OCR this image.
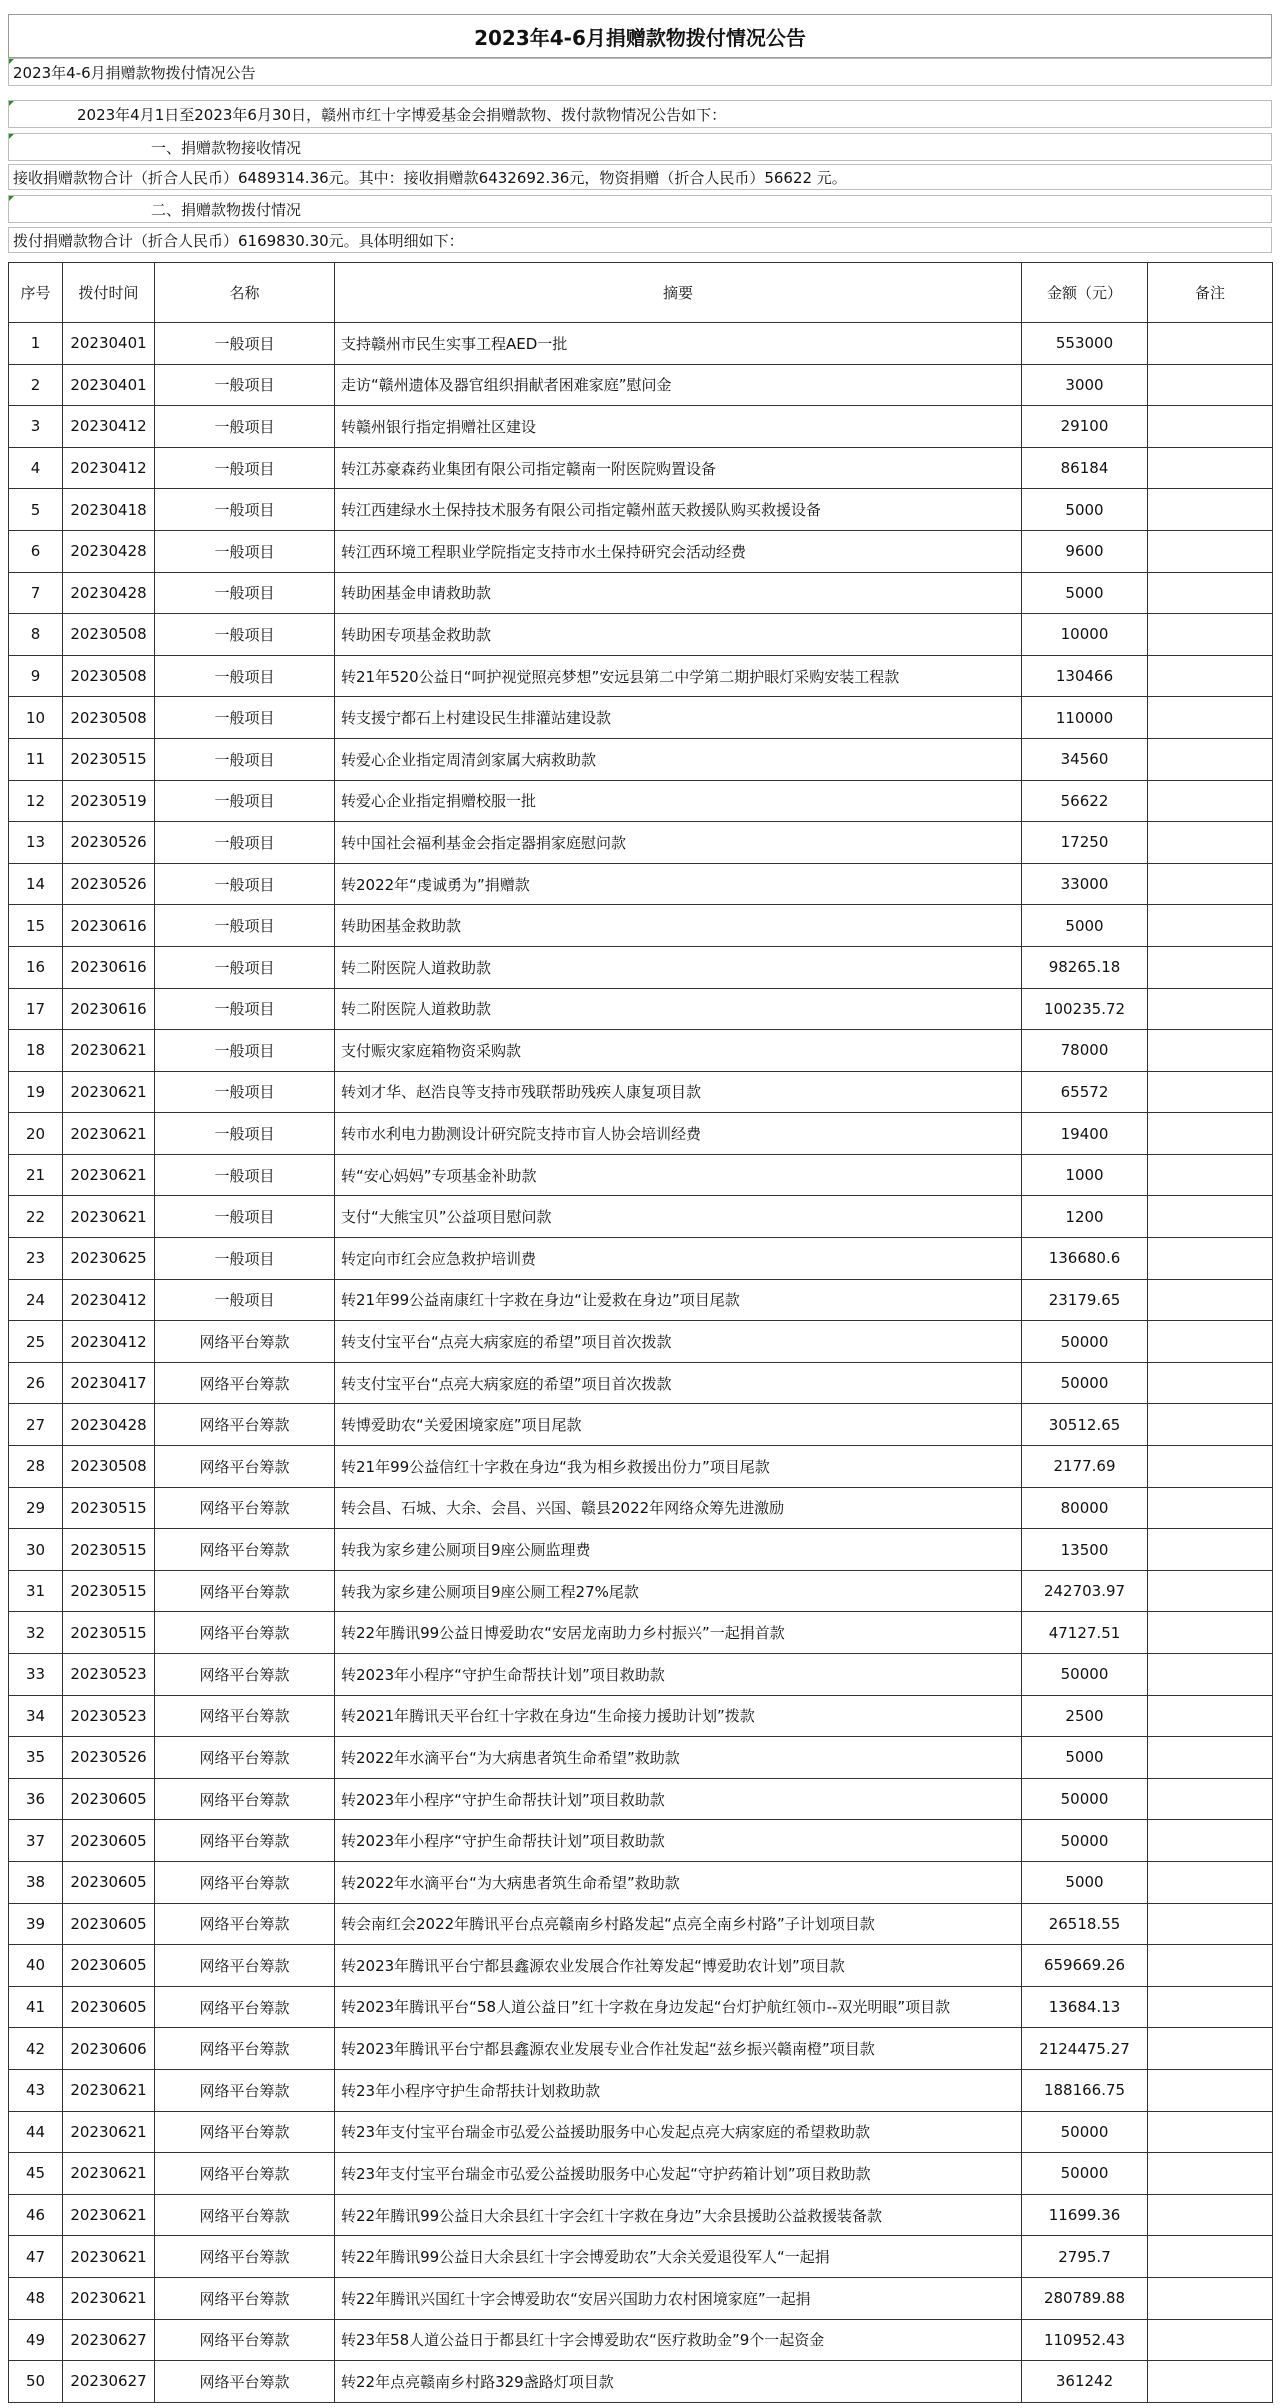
2023年4-6月捐赠款物拨付情况公告
2023年4-6月捐赠款物拨付情况公告
2023年4月1日至2023年6月30日，赣州市红十字博爱基金会捐赠款物、拨付款物情况公告如下：
一、捐赠款物接收情况
接收捐赠款物合计（折合人民币）6489314.36元。其中：接收捐赠款6432692.36元，物资捐赠（折合人民币）56622 元。
二、捐赠款物拨付情况
拨付捐赠款物合计（折合人民币）6169830.30元。具体明细如下：
序号	拨付时间	名称	摘要	金额（元）	备注
1	20230401	一般项目	支持赣州市民生实事工程AED一批	553000	
2	20230401	一般项目	走访“赣州遗体及器官组织捐献者困难家庭”慰问金	3000	
3	20230412	一般项目	转赣州银行指定捐赠社区建设	29100	
4	20230412	一般项目	转江苏豪森药业集团有限公司指定赣南一附医院购置设备	86184	
5	20230418	一般项目	转江西建绿水土保持技术服务有限公司指定赣州蓝天救援队购买救援设备	5000	
6	20230428	一般项目	转江西环境工程职业学院指定支持市水土保持研究会活动经费	9600	
7	20230428	一般项目	转助困基金申请救助款	5000	
8	20230508	一般项目	转助困专项基金救助款	10000	
9	20230508	一般项目	转21年520公益日“呵护视觉照亮梦想”安远县第二中学第二期护眼灯采购安装工程款	130466	
10	20230508	一般项目	转支援宁都石上村建设民生排灌站建设款	110000	
11	20230515	一般项目	转爱心企业指定周清剑家属大病救助款	34560	
12	20230519	一般项目	转爱心企业指定捐赠校服一批	56622	
13	20230526	一般项目	转中国社会福利基金会指定器捐家庭慰问款	17250	
14	20230526	一般项目	转2022年“虔诚勇为”捐赠款	33000	
15	20230616	一般项目	转助困基金救助款	5000	
16	20230616	一般项目	转二附医院人道救助款	98265.18	
17	20230616	一般项目	转二附医院人道救助款	100235.72	
18	20230621	一般项目	支付赈灾家庭箱物资采购款	78000	
19	20230621	一般项目	转刘才华、赵浩良等支持市残联帮助残疾人康复项目款	65572	
20	20230621	一般项目	转市水利电力勘测设计研究院支持市盲人协会培训经费	19400	
21	20230621	一般项目	转“安心妈妈”专项基金补助款	1000	
22	20230621	一般项目	支付“大熊宝贝”公益项目慰问款	1200	
23	20230625	一般项目	转定向市红会应急救护培训费	136680.6	
24	20230412	一般项目	转21年99公益南康红十字救在身边“让爱救在身边”项目尾款	23179.65	
25	20230412	网络平台筹款	转支付宝平台“点亮大病家庭的希望”项目首次拨款	50000	
26	20230417	网络平台筹款	转支付宝平台“点亮大病家庭的希望”项目首次拨款	50000	
27	20230428	网络平台筹款	转博爱助农“关爱困境家庭”项目尾款	30512.65	
28	20230508	网络平台筹款	转21年99公益信红十字救在身边“我为相乡救援出份力”项目尾款	2177.69	
29	20230515	网络平台筹款	转会昌、石城、大余、会昌、兴国、赣县2022年网络众筹先进激励	80000	
30	20230515	网络平台筹款	转我为家乡建公厕项目9座公厕监理费	13500	
31	20230515	网络平台筹款	转我为家乡建公厕项目9座公厕工程27%尾款	242703.97	
32	20230515	网络平台筹款	转22年腾讯99公益日博爱助农“安居龙南助力乡村振兴”一起捐首款	47127.51	
33	20230523	网络平台筹款	转2023年小程序“守护生命帮扶计划”项目救助款	50000	
34	20230523	网络平台筹款	转2021年腾讯天平台红十字救在身边“生命接力援助计划”拨款	2500	
35	20230526	网络平台筹款	转2022年水滴平台“为大病患者筑生命希望”救助款	5000	
36	20230605	网络平台筹款	转2023年小程序“守护生命帮扶计划”项目救助款	50000	
37	20230605	网络平台筹款	转2023年小程序“守护生命帮扶计划”项目救助款	50000	
38	20230605	网络平台筹款	转2022年水滴平台“为大病患者筑生命希望”救助款	5000	
39	20230605	网络平台筹款	转会南红会2022年腾讯平台点亮赣南乡村路发起“点亮全南乡村路”子计划项目款	26518.55	
40	20230605	网络平台筹款	转2023年腾讯平台宁都县鑫源农业发展合作社筹发起“博爱助农计划”项目款	659669.26	
41	20230605	网络平台筹款	转2023年腾讯平台“58人道公益日”红十字救在身边发起“台灯护航红领巾--双光明眼”项目款	13684.13	
42	20230606	网络平台筹款	转2023年腾讯平台宁都县鑫源农业发展专业合作社发起“兹乡振兴赣南橙”项目款	2124475.27	
43	20230621	网络平台筹款	转23年小程序守护生命帮扶计划救助款	188166.75	
44	20230621	网络平台筹款	转23年支付宝平台瑞金市弘爱公益援助服务中心发起点亮大病家庭的希望救助款	50000	
45	20230621	网络平台筹款	转23年支付宝平台瑞金市弘爱公益援助服务中心发起“守护药箱计划”项目救助款	50000	
46	20230621	网络平台筹款	转22年腾讯99公益日大余县红十字会红十字救在身边”大余县援助公益救援装备款	11699.36	
47	20230621	网络平台筹款	转22年腾讯99公益日大余县红十字会博爱助农”大余关爱退役军人“一起捐	2795.7	
48	20230621	网络平台筹款	转22年腾讯兴国红十字会博爱助农“安居兴国助力农村困境家庭”一起捐	280789.88	
49	20230627	网络平台筹款	转23年58人道公益日于都县红十字会博爱助农“医疗救助金”9个一起资金	110952.43	
50	20230627	网络平台筹款	转22年点亮赣南乡村路329盏路灯项目款	361242	
